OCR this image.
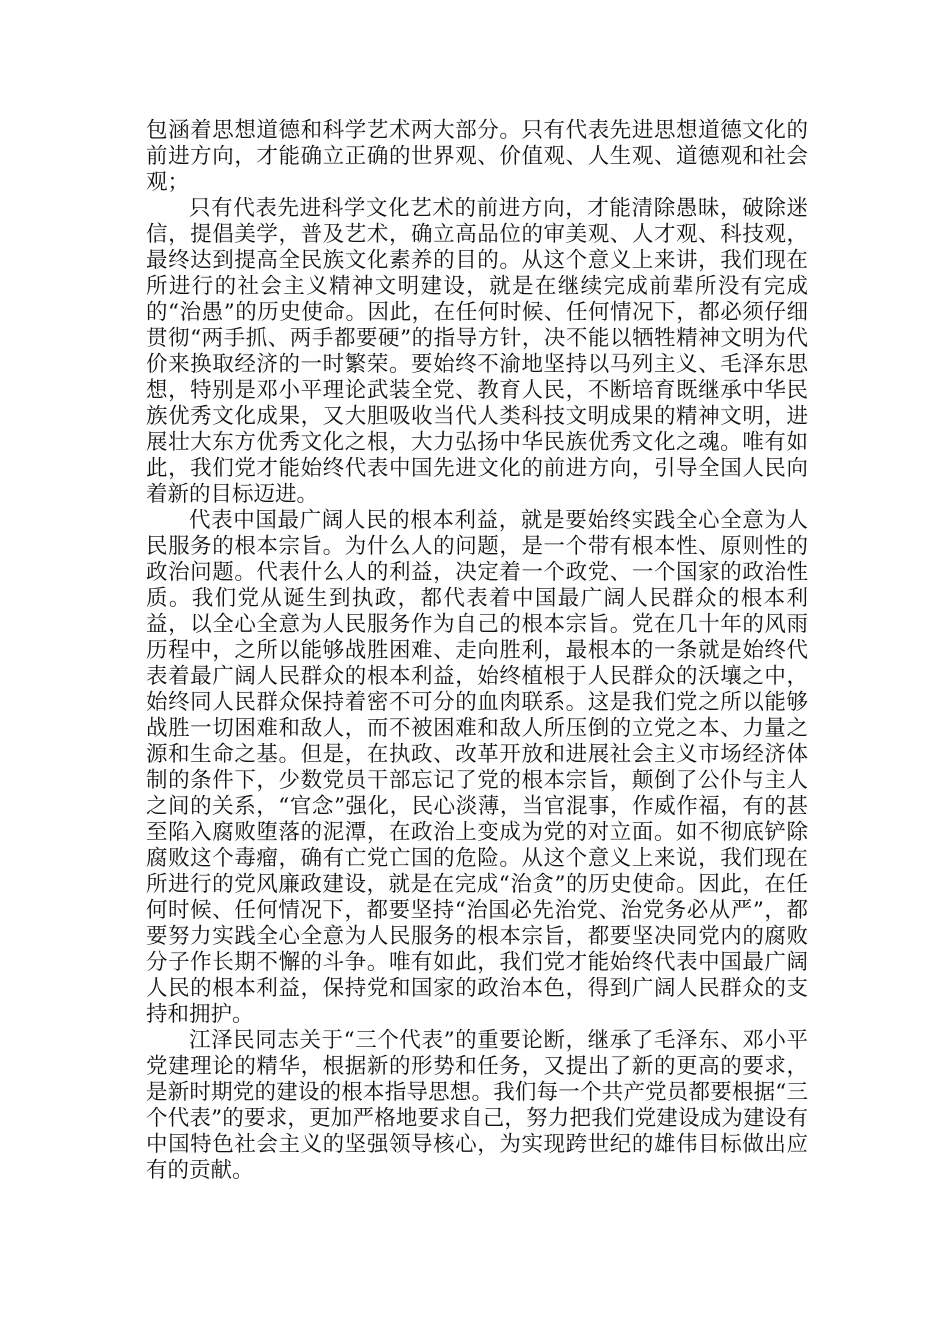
包涵着思想道德和科学艺术两大部分。只有代表先进思想道德文化的前进方向，才能确立正确的世界观、价值观、人生观、道德观和社会观；

只有代表先进科学文化艺术的前进方向，才能清除愚昧，破除迷信，提倡美学，普及艺术，确立高品位的审美观、人才观、科技观，最终达到提高全民族文化素养的目的。从这个意义上来讲，我们现在所进行的社会主义精神文明建设，就是在继续完成前辈所没有完成的“治愚”的历史使命。因此，在任何时候、任何情况下，都必须仔细贯彻“两手抓、两手都要硬”的指导方针，决不能以牺牲精神文明为代价来换取经济的一时繁荣。要始终不渝地坚持以马列主义、毛泽东思想，特别是邓小平理论武装全党、教育人民，不断培育既继承中华民族优秀文化成果，又大胆吸收当代人类科技文明成果的精神文明，进展壮大东方优秀文化之根，大力弘扬中华民族优秀文化之魂。唯有如此，我们党才能始终代表中国先进文化的前进方向，引导全国人民向着新的目标迈进。

代表中国最广阔人民的根本利益，就是要始终实践全心全意为人民服务的根本宗旨。为什么人的问题，是一个带有根本性、原则性的政治问题。代表什么人的利益，决定着一个政党、一个国家的政治性质。我们党从诞生到执政，都代表着中国最广阔人民群众的根本利益，以全心全意为人民服务作为自己的根本宗旨。党在几十年的风雨历程中，之所以能够战胜困难、走向胜利，最根本的一条就是始终代表着最广阔人民群众的根本利益，始终植根于人民群众的沃壤之中，始终同人民群众保持着密不可分的血肉联系。这是我们党之所以能够战胜一切困难和敌人，而不被困难和敌人所压倒的立党之本、力量之源和生命之基。但是，在执政、改革开放和进展社会主义市场经济体制的条件下，少数党员干部忘记了党的根本宗旨，颠倒了公仆与主人之间的关系，“官念”强化，民心淡薄，当官混事，作威作福，有的甚至陷入腐败堕落的泥潭，在政治上变成为党的对立面。如不彻底铲除腐败这个毒瘤，确有亡党亡国的危险。从这个意义上来说，我们现在所进行的党风廉政建设，就是在完成“治贪”的历史使命。因此，在任何时候、任何情况下，都要坚持“治国必先治党、治党务必从严”，都要努力实践全心全意为人民服务的根本宗旨，都要坚决同党内的腐败分子作长期不懈的斗争。唯有如此，我们党才能始终代表中国最广阔人民的根本利益，保持党和国家的政治本色，得到广阔人民群众的支持和拥护。

江泽民同志关于“三个代表”的重要论断，继承了毛泽东、邓小平党建理论的精华，根据新的形势和任务，又提出了新的更高的要求，是新时期党的建设的根本指导思想。我们每一个共产党员都要根据“三个代表”的要求，更加严格地要求自己，努力把我们党建设成为建设有中国特色社会主义的坚强领导核心，为实现跨世纪的雄伟目标做出应有的贡献。
